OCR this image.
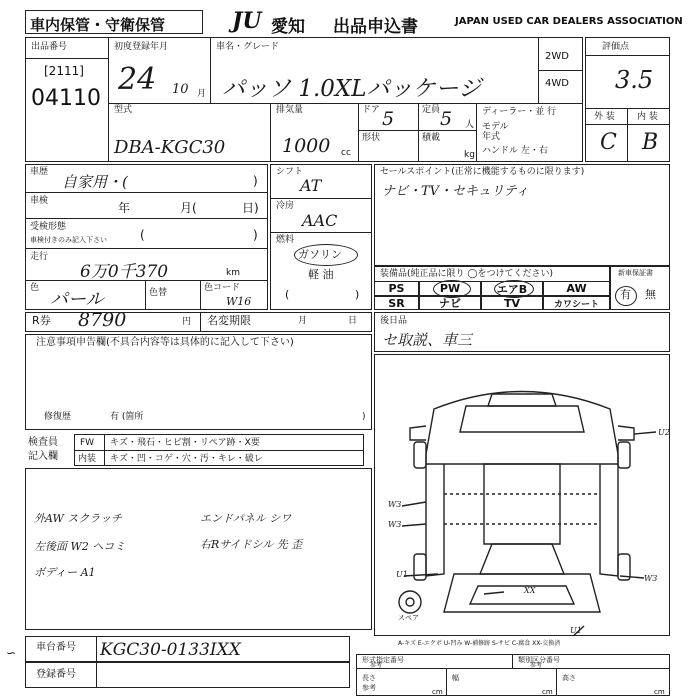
車内保管・守衛保管	JU 愛知 出品申込書	JAPAN USED CAR DEALERS ASSOCIATION
出品番号
[2111]
04110
初度登録年月
24 10 月
車名・グレード
パッソ 1.0XLパッケージ
2WD
4WD
型式
DBA-KGC30
排気量
1000 cc
ドア 5	定員 5 人
形状	積載
kg
ディーラー・並 行
モデル
年式
ハンドル 左・右
評価点
3.5
外 装 内 装
C B
車歴
自家用・(	)
車検	年	月(	日)
受検形態
車検付きのみ記入下さい	(	)
走行
6万0千370	km
色
パール	色替	色コード
W16
シフト
AT
冷房
AAC
燃料
ガソリン
軽 油
(	)
セールスポイント(正常に機能するものに限ります)
ナビ・TV・セキュリティ
装備品(純正品に限り ◯をつけてください)
PS	PW	エアB	AW
SR	ナビ	TV	カワシート
新車保証書
有 無
R券 8790	円 名変期限	月	日	後日品
セ取説、車三
注意事項申告欄(不具合内容等は具体的に記入して下さい)
修復歴	有 (箇所	)
検査員
記入欄
FW キズ・飛石・ヒビ割・リペア跡・X要
内装 キズ・凹・コゲ・穴・汚・キレ・破レ
外AW スクラッチ	エンドパネル シワ
左後面 W2 ヘコミ	右Rサイドシル 先 歪
ボディー A1
車台番号 KGC30-0133IXX
登録番号
∽
U2
W3
W3
U1	W3
XX
U1
スペア
A-キズ E-エクボ U-凹み W-補修跡 S-サビ C-腐食 XX-交換済
形式指定番号
参考
類別区分番号
参考
長さ
参考	cm
幅
cm
高さ
cm
